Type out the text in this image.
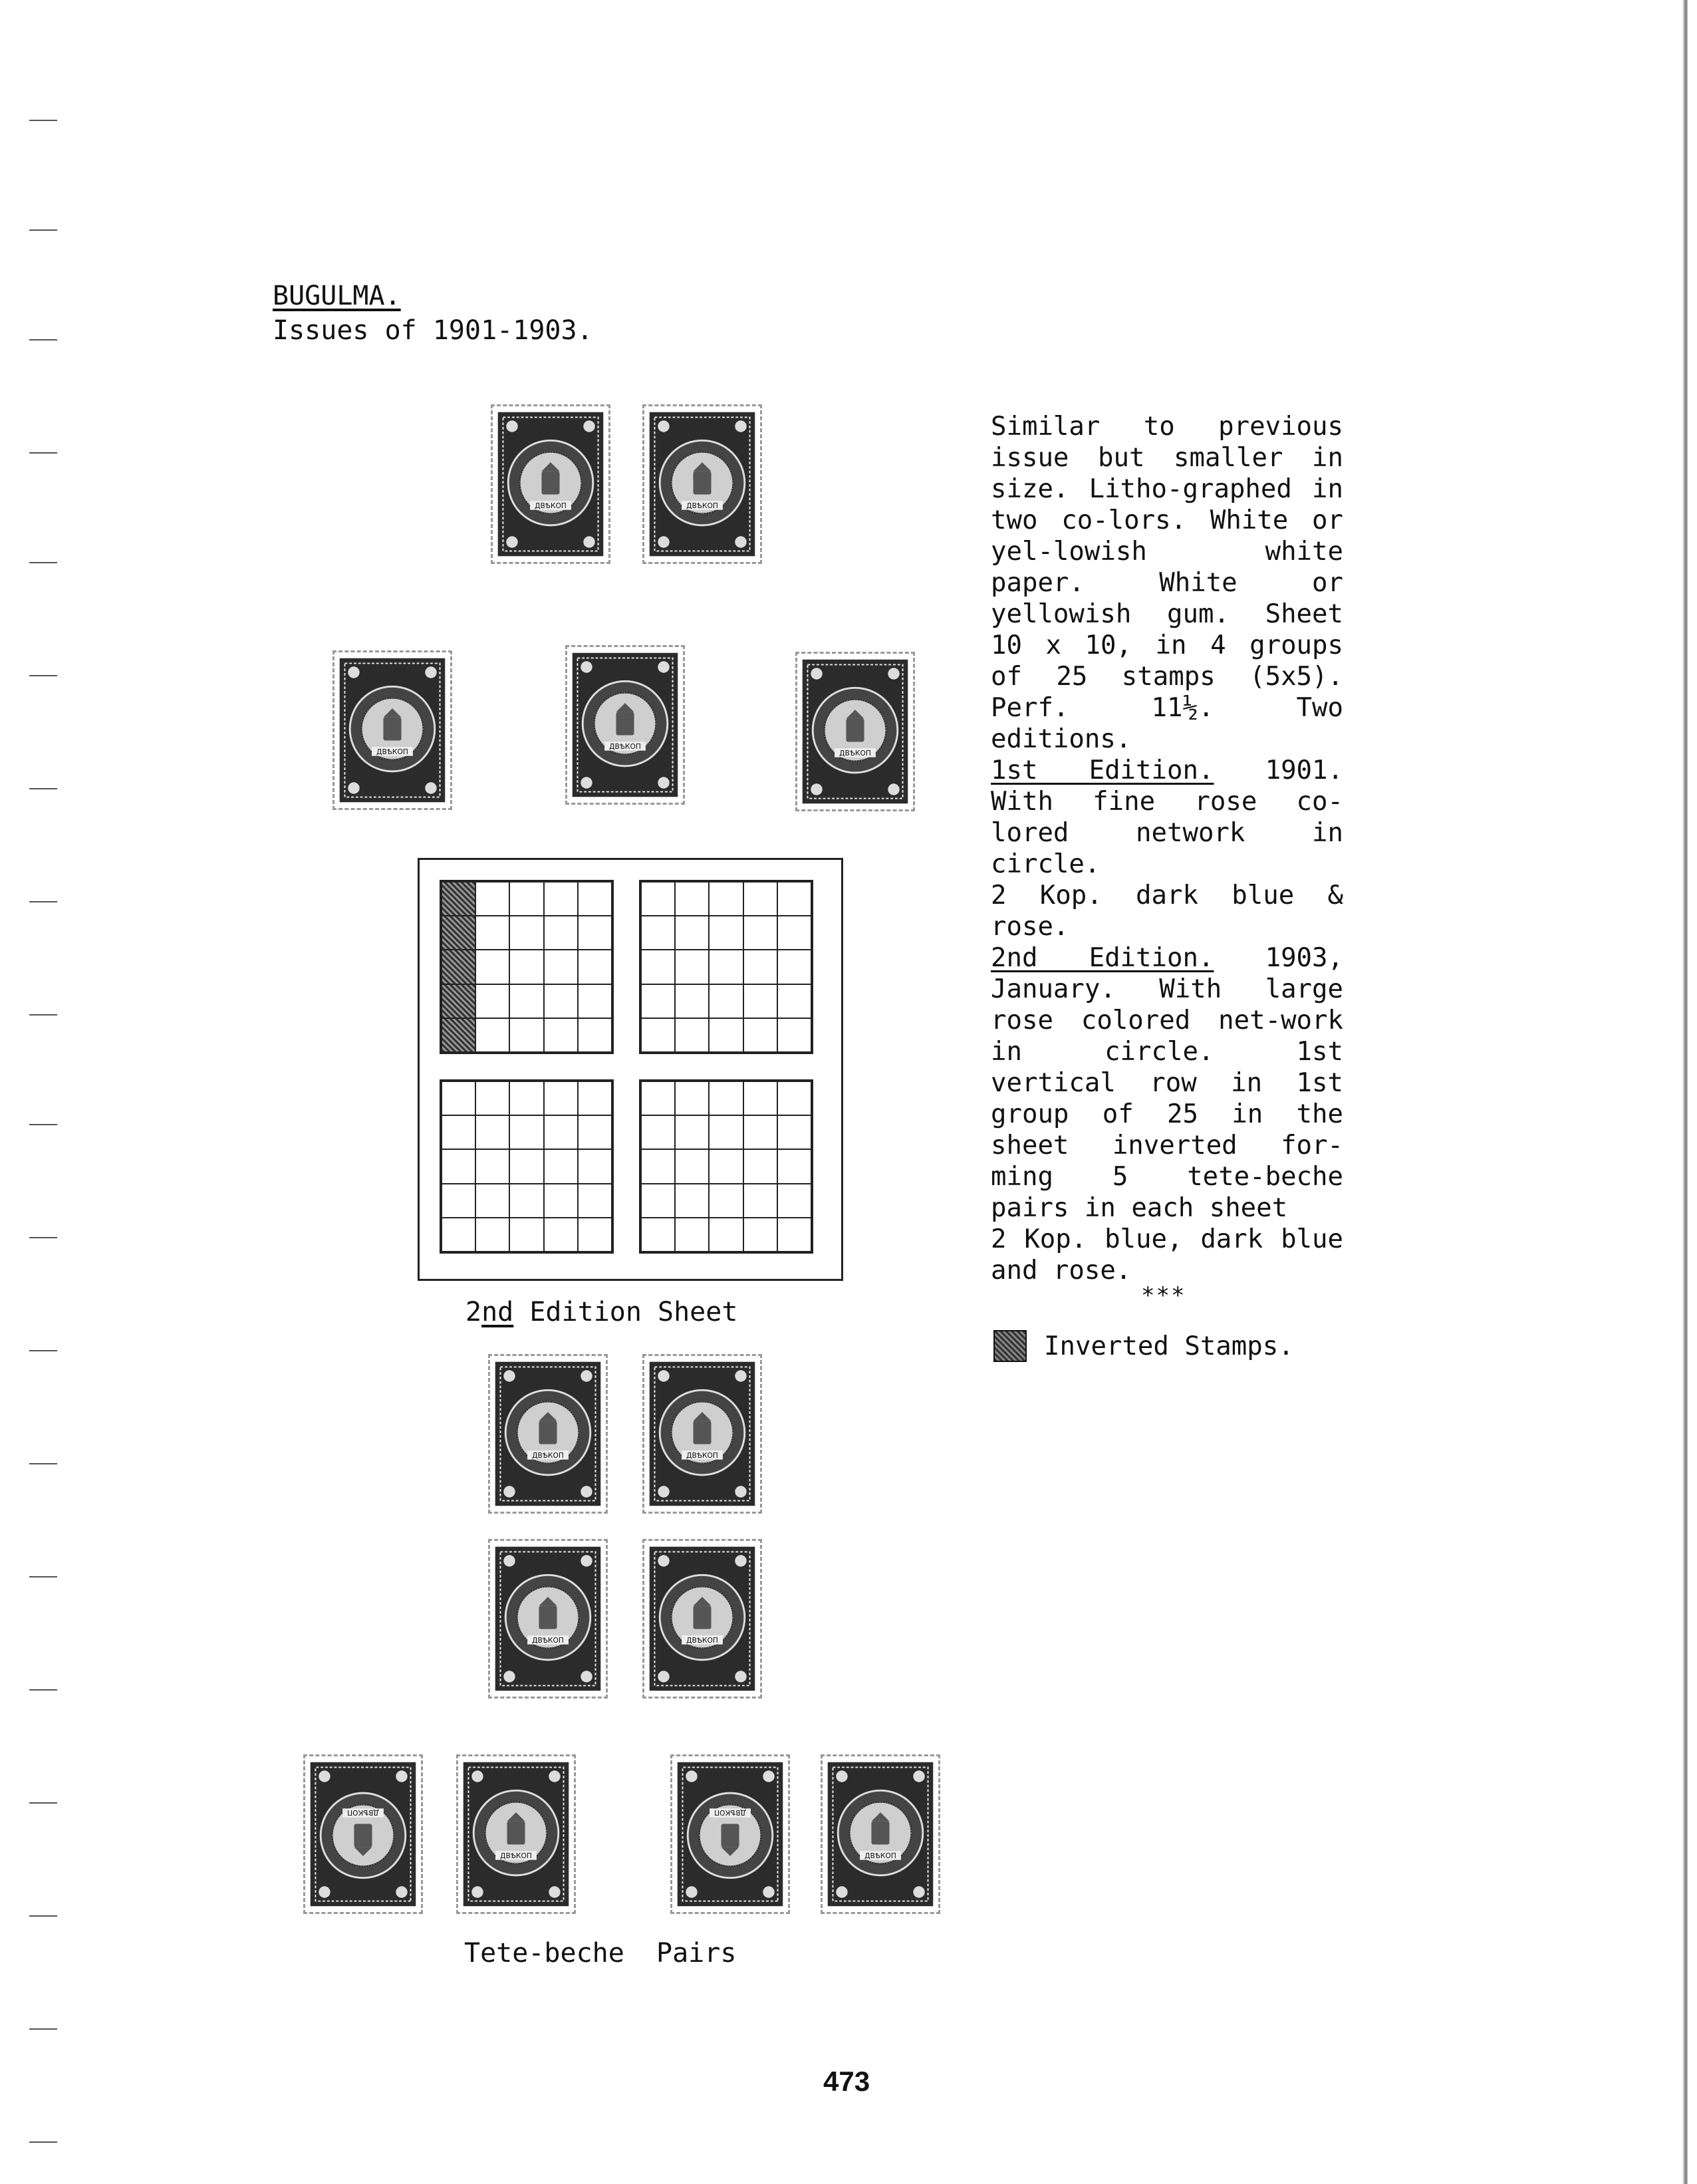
BUGULMA.
Issues of 1901-1903.

Similar to previous issue but smaller in size. Litho-graphed in two co-lors. White or yel-lowish white paper. White or yellowish gum. Sheet 10 x 10, in 4 groups of 25 stamps (5x5). Perf. 11½. Two editions.

1st Edition. 1901. With fine rose co-lored network in circle.

2 Kop. dark blue & rose.

2nd Edition. 1903, January. With large rose colored net-work in circle.	1st vertical row in 1st group of 25 in the sheet inverted for-ming 5 tete-beche pairs in each sheet

2 Kop. blue, dark blue and rose.

***
Inverted Stamps.
ДВѢКОП	ДВѢКОП
ДВѢКОП
ДВѢКОП
ДВѢКОП
2nd Edition Sheet
ДВѢКОП	ДВѢКОП
ДВѢКОП	ДВѢКОП
ДВѢКОП
ДВѢКОП
ДВѢКОП
ДВѢКОП
Tete-beche Pairs
473
